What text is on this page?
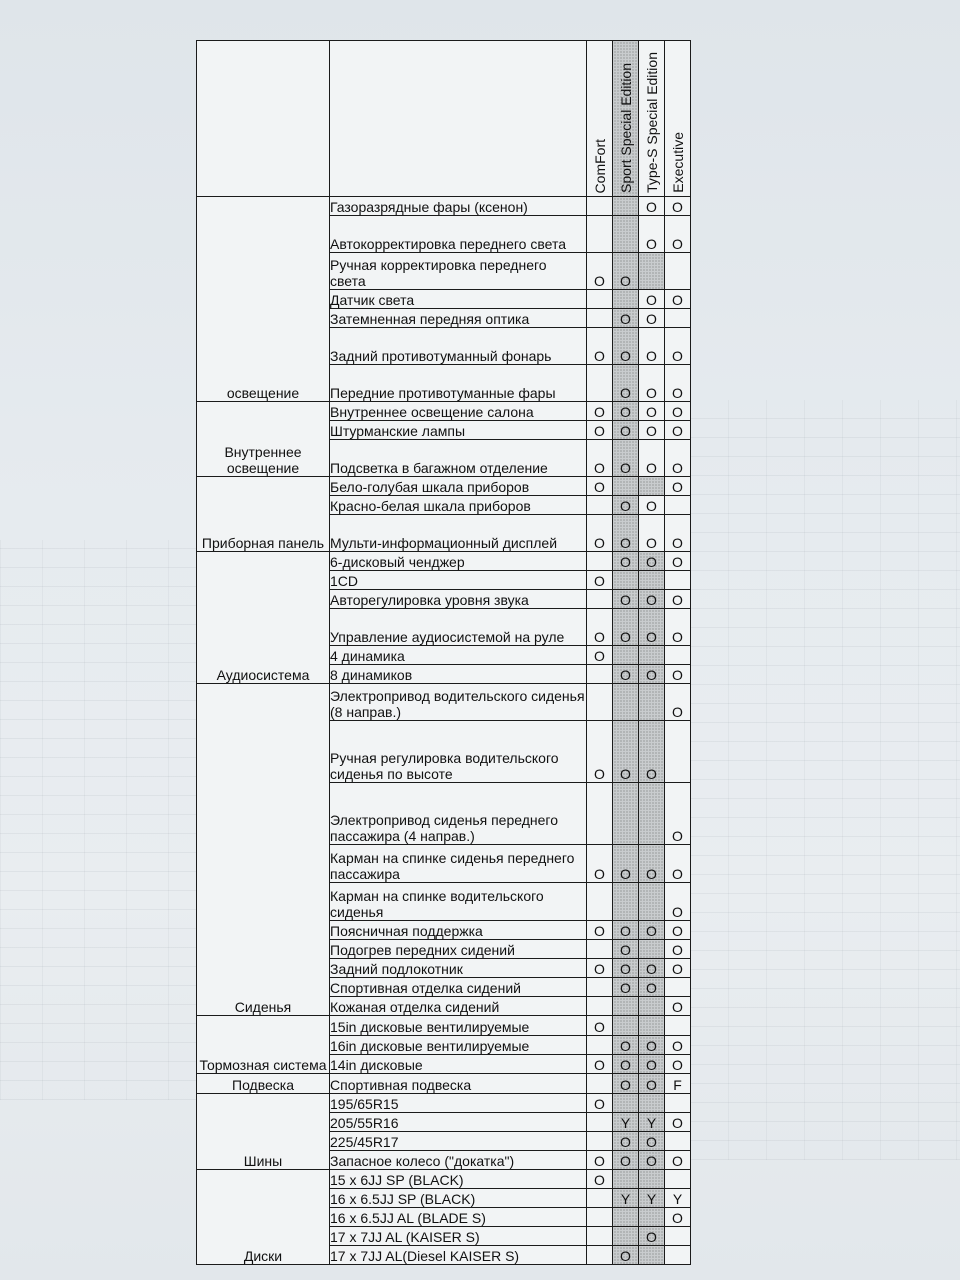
		ComFort	Sport Special Edition	Type-S Special Edition	Executive
освещение	Газоразрядные фары (ксенон)			O	O
	Автокорректировка переднего света			O	O
	Ручная корректировка переднего света	O	O		
	Датчик света			O	O
	Затемненная передняя оптика		O	O	
	Задний противотуманный фонарь	O	O	O	O
	Передние противотуманные фары		O	O	O
Внутреннее освещение	Внутреннее освещение салона	O	O	O	O
	Штурманские лампы	O	O	O	O
	Подсветка в багажном отделение	O	O	O	O
Приборная панель	Бело-голубая шкала приборов	O			O
	Красно-белая шкала приборов		O	O	
	Мульти-информационный дисплей	O	O	O	O
Аудиосистема	6-дисковый ченджер		O	O	O
	1CD	O			
	Авторегулировка уровня звука		O	O	O
	Управление аудиосистемой на руле	O	O	O	O
	4 динамика	O			
	8 динамиков		O	O	O
Сиденья	Электропривод водительского сиденья (8 направ.)				O
	Ручная регулировка водительского сиденья по высоте	O	O	O	
	Электропривод сиденья переднего пассажира (4 направ.)				O
	Карман на спинке сиденья переднего пассажира	O	O	O	O
	Карман на спинке водительского сиденья				O
	Поясничная поддержка	O	O	O	O
	Подогрев передних сидений		O		O
	Задний подлокотник	O	O	O	O
	Спортивная отделка сидений		O	O	
	Кожаная отделка сидений				O
Тормозная система	15in дисковые вентилируемые	O			
	16in дисковые вентилируемые		O	O	O
	14in дисковые	O	O	O	O
Подвеска	Спортивная подвеска		O	O	F
Шины	195/65R15	O			
	205/55R16		Y	Y	O
	225/45R17		O	O	
	Запасное колесо ("докатка")	O	O	O	O
Диски	15 x 6JJ SP (BLACK)	O			
	16 x 6.5JJ SP (BLACK)		Y	Y	Y
	16 x 6.5JJ AL (BLADE S)				O
	17 x 7JJ AL (KAISER S)			O	
	17 x 7JJ AL(Diesel KAISER S)		O		
